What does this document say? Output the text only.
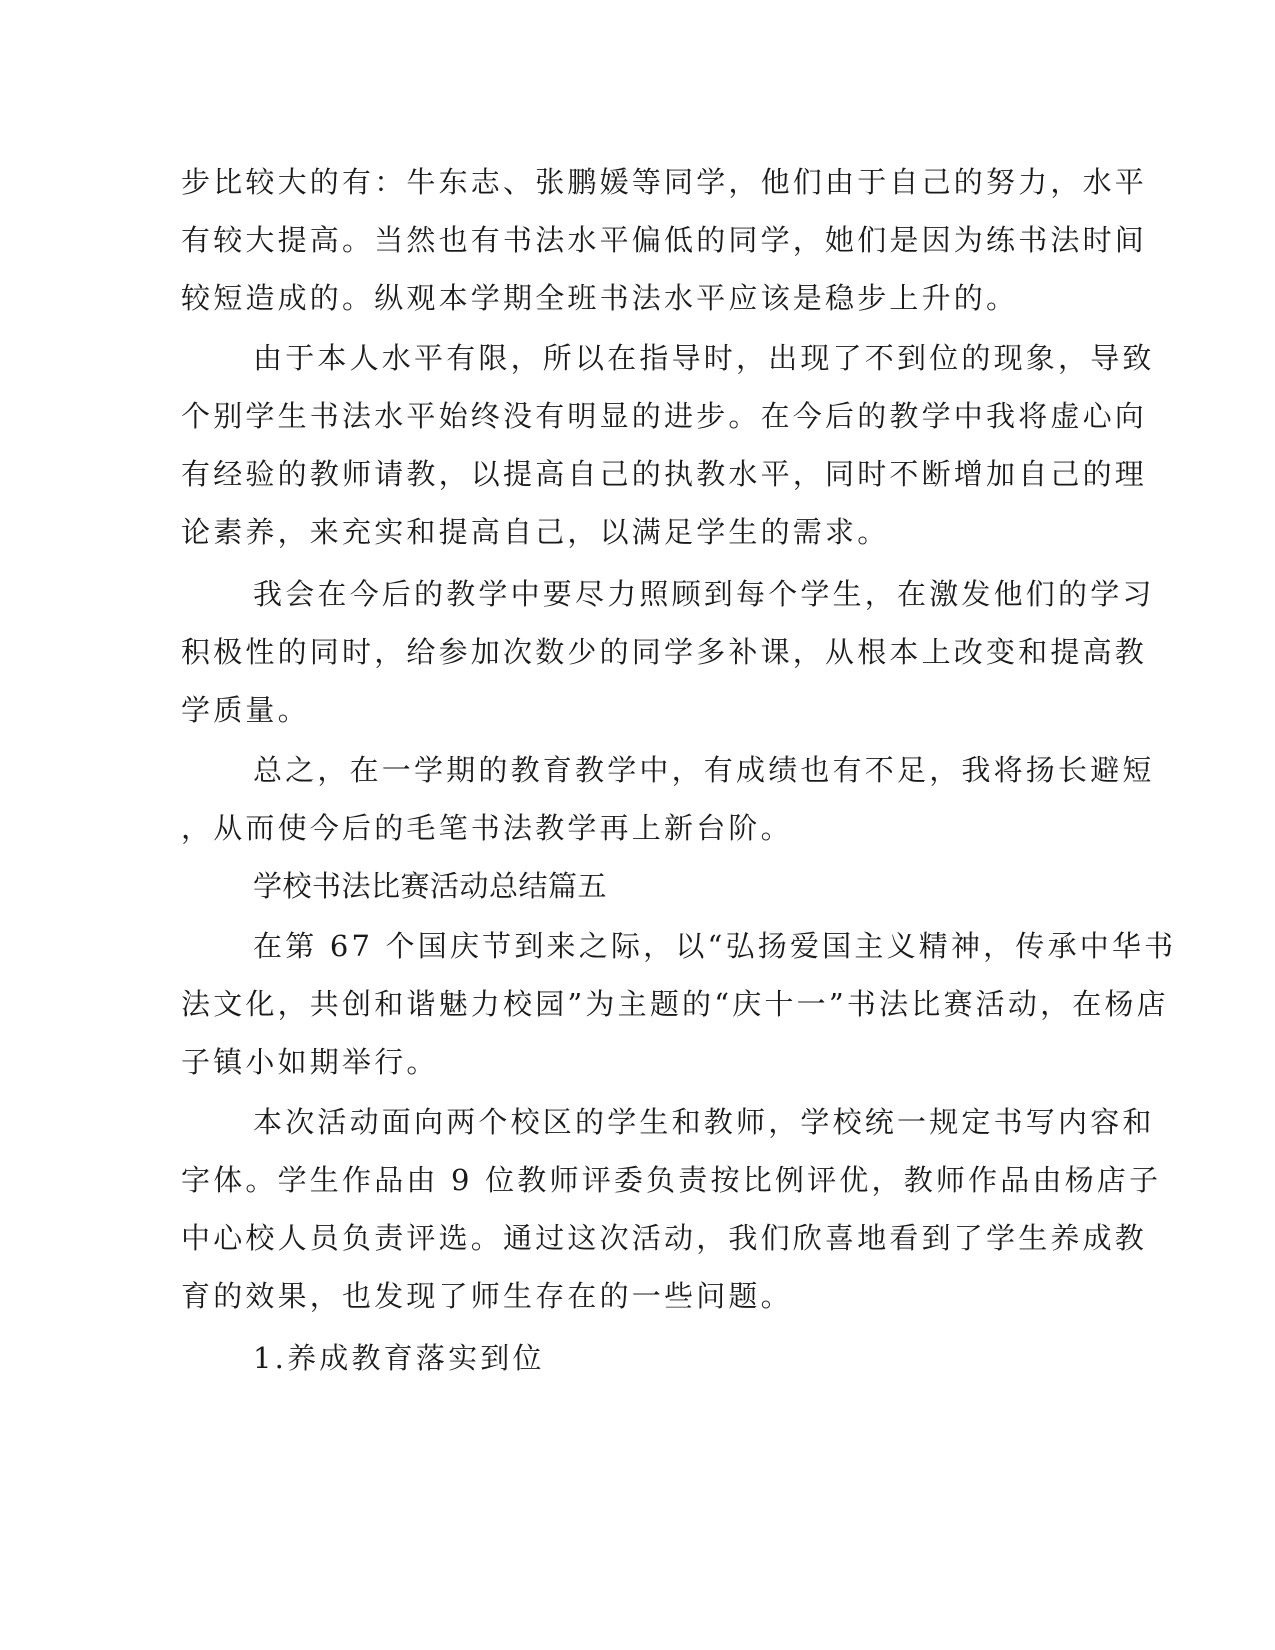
步比较大的有：牛东志、张鹏媛等同学，他们由于自己的努力，水平

有较大提高。当然也有书法水平偏低的同学，她们是因为练书法时间

较短造成的。纵观本学期全班书法水平应该是稳步上升的。

由于本人水平有限，所以在指导时，出现了不到位的现象，导致

个别学生书法水平始终没有明显的进步。在今后的教学中我将虚心向

有经验的教师请教，以提高自己的执教水平，同时不断增加自己的理

论素养，来充实和提高自己，以满足学生的需求。

我会在今后的教学中要尽力照顾到每个学生，在激发他们的学习

积极性的同时，给参加次数少的同学多补课，从根本上改变和提高教

学质量。

总之，在一学期的教育教学中，有成绩也有不足，我将扬长避短

，从而使今后的毛笔书法教学再上新台阶。

学校书法比赛活动总结篇五

在第 67 个国庆节到来之际，以“弘扬爱国主义精神，传承中华书

法文化，共创和谐魅力校园”为主题的“庆十一”书法比赛活动，在杨店

子镇小如期举行。

本次活动面向两个校区的学生和教师，学校统一规定书写内容和

字体。学生作品由 9 位教师评委负责按比例评优，教师作品由杨店子

中心校人员负责评选。通过这次活动，我们欣喜地看到了学生养成教

育的效果，也发现了师生存在的一些问题。

1.养成教育落实到位
